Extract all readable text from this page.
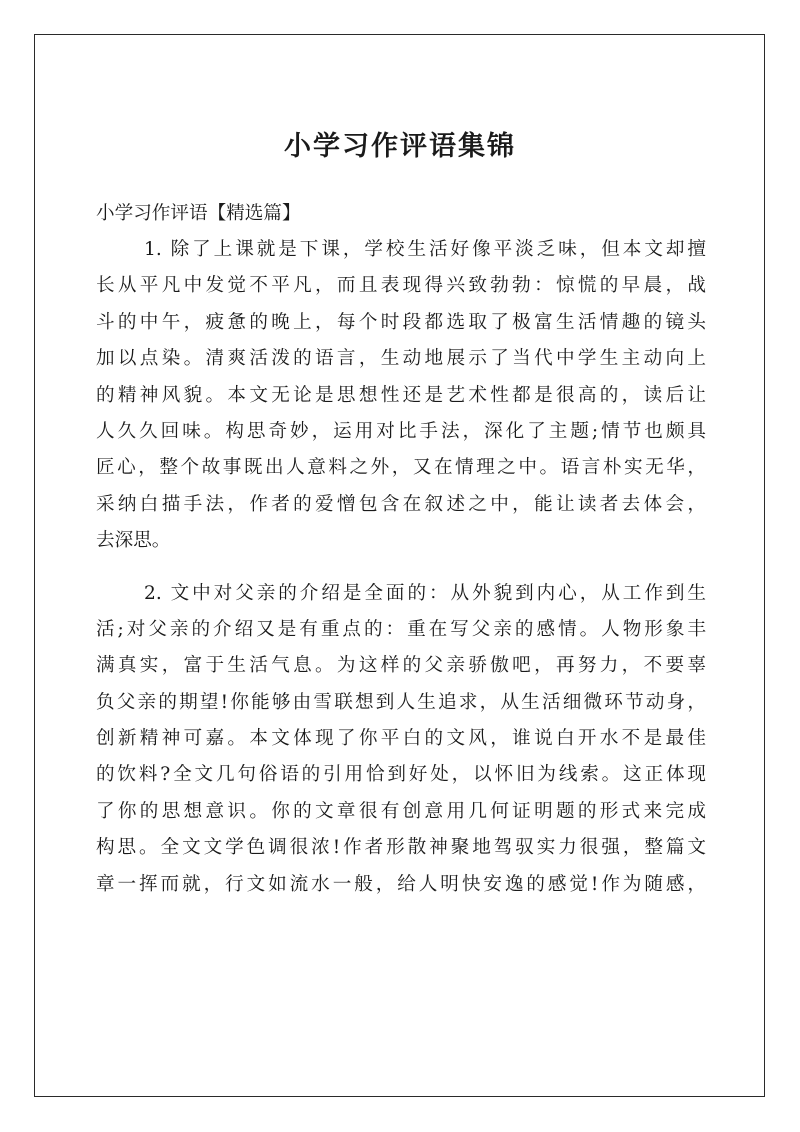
小学习作评语集锦

小学习作评语【精选篇】

1. 除了上课就是下课，学校生活好像平淡乏味，但本文却擅
长从平凡中发觉不平凡，而且表现得兴致勃勃：惊慌的早晨，战
斗的中午，疲惫的晚上，每个时段都选取了极富生活情趣的镜头
加以点染。清爽活泼的语言，生动地展示了当代中学生主动向上
的精神风貌。本文无论是思想性还是艺术性都是很高的，读后让
人久久回味。构思奇妙，运用对比手法，深化了主题;情节也颇具
匠心，整个故事既出人意料之外，又在情理之中。语言朴实无华，
采纳白描手法，作者的爱憎包含在叙述之中，能让读者去体会，
去深思。
2. 文中对父亲的介绍是全面的：从外貌到内心，从工作到生
活;对父亲的介绍又是有重点的：重在写父亲的感情。人物形象丰
满真实，富于生活气息。为这样的父亲骄傲吧，再努力，不要辜
负父亲的期望!你能够由雪联想到人生追求，从生活细微环节动身，
创新精神可嘉。本文体现了你平白的文风，谁说白开水不是最佳
的饮料?全文几句俗语的引用恰到好处，以怀旧为线索。这正体现
了你的思想意识。你的文章很有创意用几何证明题的形式来完成
构思。全文文学色调很浓!作者形散神聚地驾驭实力很强，整篇文
章一挥而就，行文如流水一般，给人明快安逸的感觉!作为随感，
